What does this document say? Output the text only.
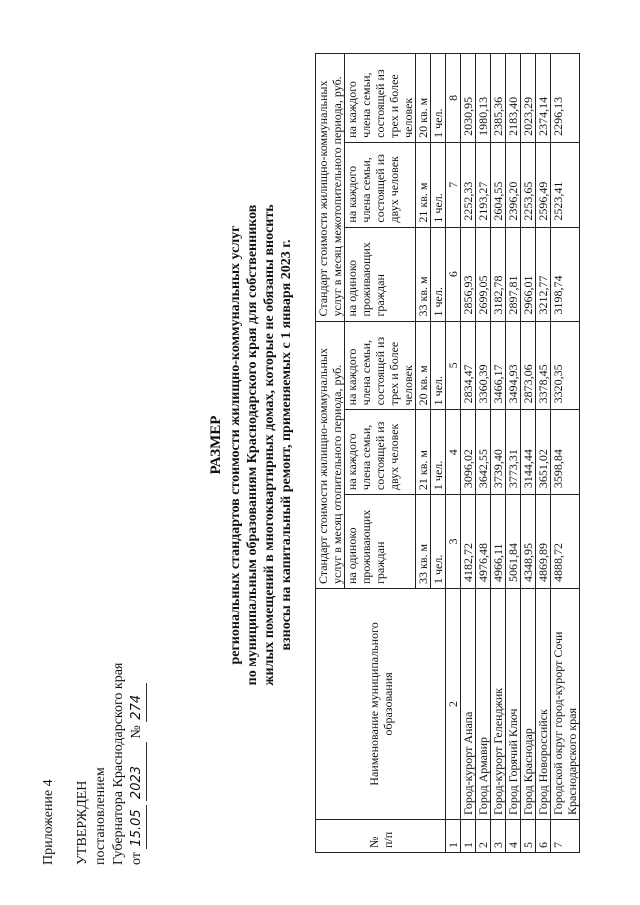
Приложение 4 УТВЕРЖДЕН постановлением Губернатора Краснодарского края от 15.05 2023 № 274
РАЗМЕР региональных стандартов стоимости жилищно-коммунальных услуг по муниципальным образованиям Краснодарского края для собственников жилых помещений в многоквартирных домах, которые не обязаны вносить взносы на капитальный ремонт, применяемых с 1 января 2023 г.
№ п/п	Наименование муниципального образования	Стандарт стоимости жилищно-коммунальных услуг в месяц отопительного периода, руб.			Стандарт стоимости жилищно-коммунальных услуг в месяц межотопительного периода, руб.		
		на одиноко проживающих граждан	на каждого члена семьи, состоящей из двух человек	на каждого члена семьи, состоящей из трех и более человек	на одиноко проживающих граждан	на каждого члена семьи, состоящей из двух человек	на каждого члена семьи, состоящей из трех и более человек
		33 кв. м	21 кв. м	20 кв. м	33 кв. м	21 кв. м	20 кв. м
		1 чел.	1 чел.	1 чел.	1 чел.	1 чел.	1 чел.
1	2	3	4	5	6	7	8
1	Город-курорт Анапа	4182,72	3096,02	2834,47	2856,93	2252,33	2030,95
2	Город Армавир	4976,48	3642,55	3360,39	2699,05	2193,27	1980,13
3	Город-курорт Геленджик	4966,11	3739,40	3466,17	3182,78	2604,55	2385,36
4	Город Горячий Ключ	5061,84	3773,31	3494,93	2897,81	2396,20	2183,40
5	Город Краснодар	4348,95	3144,44	2873,06	2966,01	2253,65	2023,29
6	Город Новороссийск	4869,89	3651,02	3378,45	3212,77	2596,49	2374,14
7	Городской округ город-курорт Сочи Краснодарского края	4888,72	3598,84	3320,35	3198,74	2523,41	2296,13
